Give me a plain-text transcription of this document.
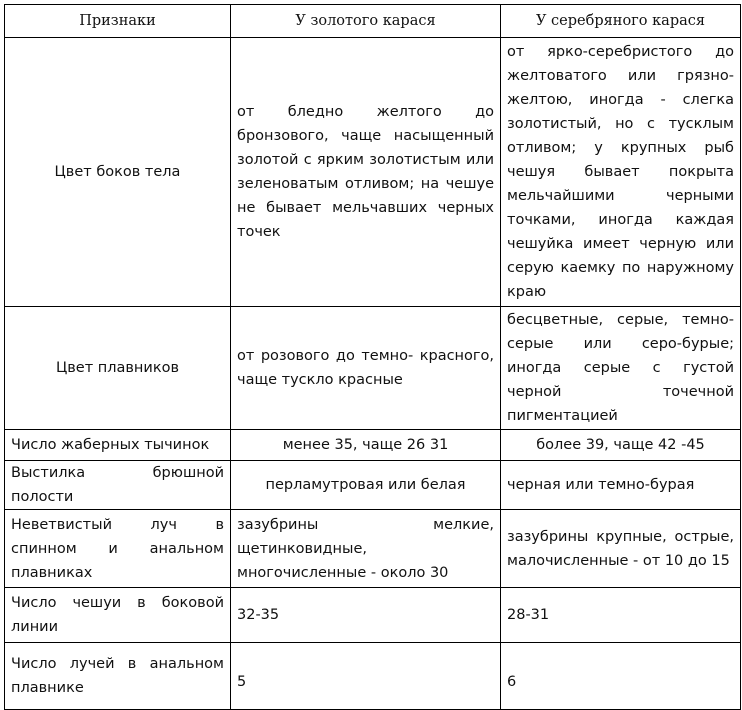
Признаки	У золотого карася	У серебряного карася
Цвет боков тела	от бледно желтого до бронзового, чаще насыщенный золотой с ярким золотистым или зеленоватым отливом; на чешуе не бывает мельчавших черных точек	от ярко-серебристого до желтоватого или грязно-желтою, иногда - слегка золотистый, но с тусклым отливом; у крупных рыб чешуя бывает покрыта мельчайшими черными точками, иногда каждая чешуйка имеет черную или серую каемку по наружному краю
Цвет плавников	от розового до темно- красного, чаще тускло красные	бесцветные, серые, темно-серые или серо-бурые; иногда серые с густой черной точечной пигментацией
Число жаберных тычинок	менее 35, чаще 26 31	более 39, чаще 42 -45
Выстилка брюшной полости	перламутровая или белая	черная или темно-бурая
Неветвистый луч в спинном и анальном плавниках	зазубрины мелкие, щетинковидные, многочисленные - около 30	зазубрины крупные, острые, малочисленные - от 10 до 15
Число чешуи в боковой линии	32-35	28-31
Число лучей в анальном плавнике	5	6
